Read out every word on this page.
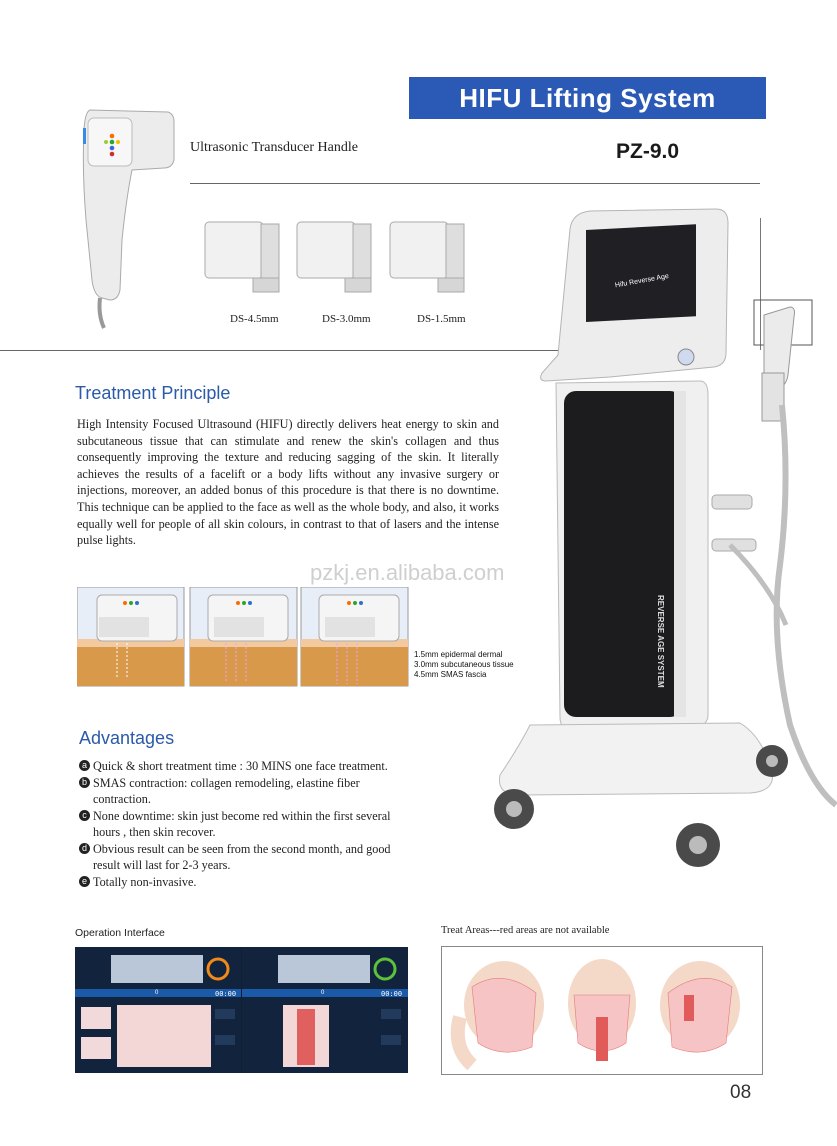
HIFU Lifting System
PZ-9.0
Ultrasonic Transducer Handle
DS-4.5mm	DS-3.0mm	DS-1.5mm
Treatment Principle
High Intensity Focused Ultrasound (HIFU) directly delivers heat energy to skin and subcutaneous tissue that can stimulate and renew the skin's collagen and thus consequently improving the texture and reducing sagging of the skin. It literally achieves the results of a facelift or a body lifts without any invasive surgery or injections, moreover, an added bonus of this procedure is that there is no downtime. This technique can be applied to the face as well as the whole body, and also, it works equally well for people of all skin colours, in contrast to that of lasers and the intense pulse lights.
pzkj.en.alibaba.com
1.5mm epidermal dermal
3.0mm subcutaneous tissue
4.5mm SMAS fascia
Hifu Reverse Age
REVERSE AGE SYSTEM
Advantages
a Quick & short treatment time : 30 MINS one face treatment.
b SMAS contraction: collagen remodeling, elastine fiber contraction.
c None downtime: skin just become red within the first several hours , then skin recover.
d Obvious result can be seen from the second month, and good result will last for 2-3 years.
e Totally non-invasive.
Operation Interface
00:00	00:00
0	0
Treat Areas---red areas are not available
08
